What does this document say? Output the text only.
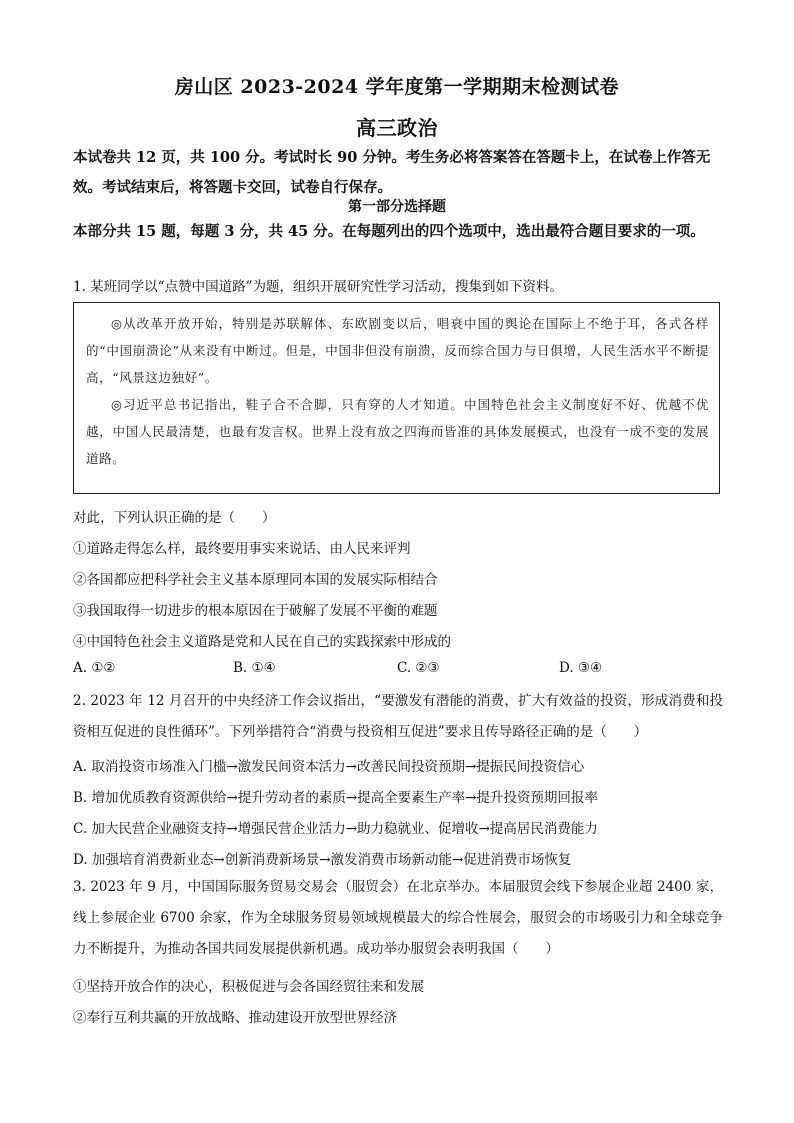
房山区 2023-2024 学年度第一学期期末检测试卷
高三政治
本试卷共 12 页，共 100 分。考试时长 90 分钟。考生务必将答案答在答题卡上，在试卷上作答无效。考试结束后，将答题卡交回，试卷自行保存。
第一部分选择题
本部分共 15 题，每题 3 分，共 45 分。在每题列出的四个选项中，选出最符合题目要求的一项。
1. 某班同学以“点赞中国道路”为题，组织开展研究性学习活动，搜集到如下资料。

◎从改革开放开始，特别是苏联解体、东欧剧变以后，唱衰中国的舆论在国际上不绝于耳，各式各样的“中国崩溃论”从来没有中断过。但是，中国非但没有崩溃，反而综合国力与日俱增，人民生活水平不断提高，“风景这边独好”。

◎习近平总书记指出，鞋子合不合脚，只有穿的人才知道。中国特色社会主义制度好不好、优越不优越，中国人民最清楚，也最有发言权。世界上没有放之四海而皆准的具体发展模式，也没有一成不变的发展道路。

对此，下列认识正确的是（　　）
①道路走得怎么样，最终要用事实来说话、由人民来评判
②各国都应把科学社会主义基本原理同本国的发展实际相结合
③我国取得一切进步的根本原因在于破解了发展不平衡的难题
④中国特色社会主义道路是党和人民在自己的实践探索中形成的
A. ①②	B. ①④	C. ②③	D. ③④
2. 2023 年 12 月召开的中央经济工作会议指出，“要激发有潜能的消费，扩大有效益的投资，形成消费和投资相互促进的良性循环”。下列举措符合“消费与投资相互促进”要求且传导路径正确的是（　　）
A. 取消投资市场准入门槛→激发民间资本活力→改善民间投资预期→提振民间投资信心
B. 增加优质教育资源供给→提升劳动者的素质→提高全要素生产率→提升投资预期回报率
C. 加大民营企业融资支持→增强民营企业活力→助力稳就业、促增收→提高居民消费能力
D. 加强培育消费新业态→创新消费新场景→激发消费市场新动能→促进消费市场恢复
3. 2023 年 9 月，中国国际服务贸易交易会（服贸会）在北京举办。本届服贸会线下参展企业超 2400 家，线上参展企业 6700 余家，作为全球服务贸易领域规模最大的综合性展会，服贸会的市场吸引力和全球竞争力不断提升，为推动各国共同发展提供新机遇。成功举办服贸会表明我国（　　）
①坚持开放合作的决心，积极促进与会各国经贸往来和发展
②奉行互利共赢的开放战略、推动建设开放型世界经济
